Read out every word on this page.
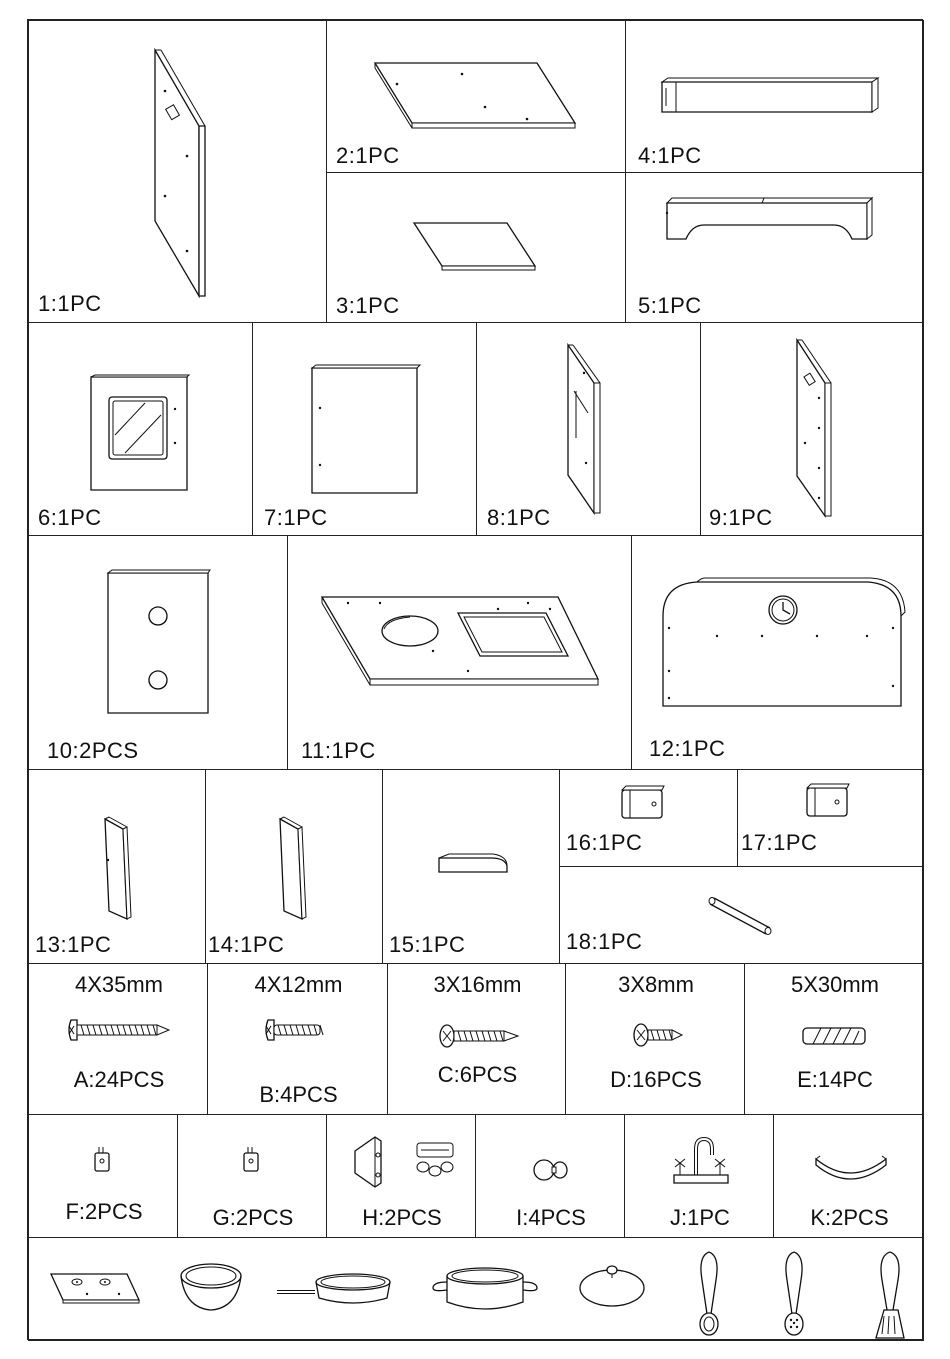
1:1PC
2:1PC	4:1PC
3:1PC	5:1PC
6:1PC	7:1PC	8:1PC	9:1PC
10:2PCS	11:1PC	12:1PC
13:1PC	14:1PC	15:1PC
16:1PC	17:1PC
18:1PC
4X35mm
A:24PCS
4X12mm
B:4PCS
3X16mm
C:6PCS
3X8mm
D:16PCS
5X30mm
E:14PC
F:2PCS	G:2PCS	H:2PCS	I:4PCS	J:1PC	K:2PCS
